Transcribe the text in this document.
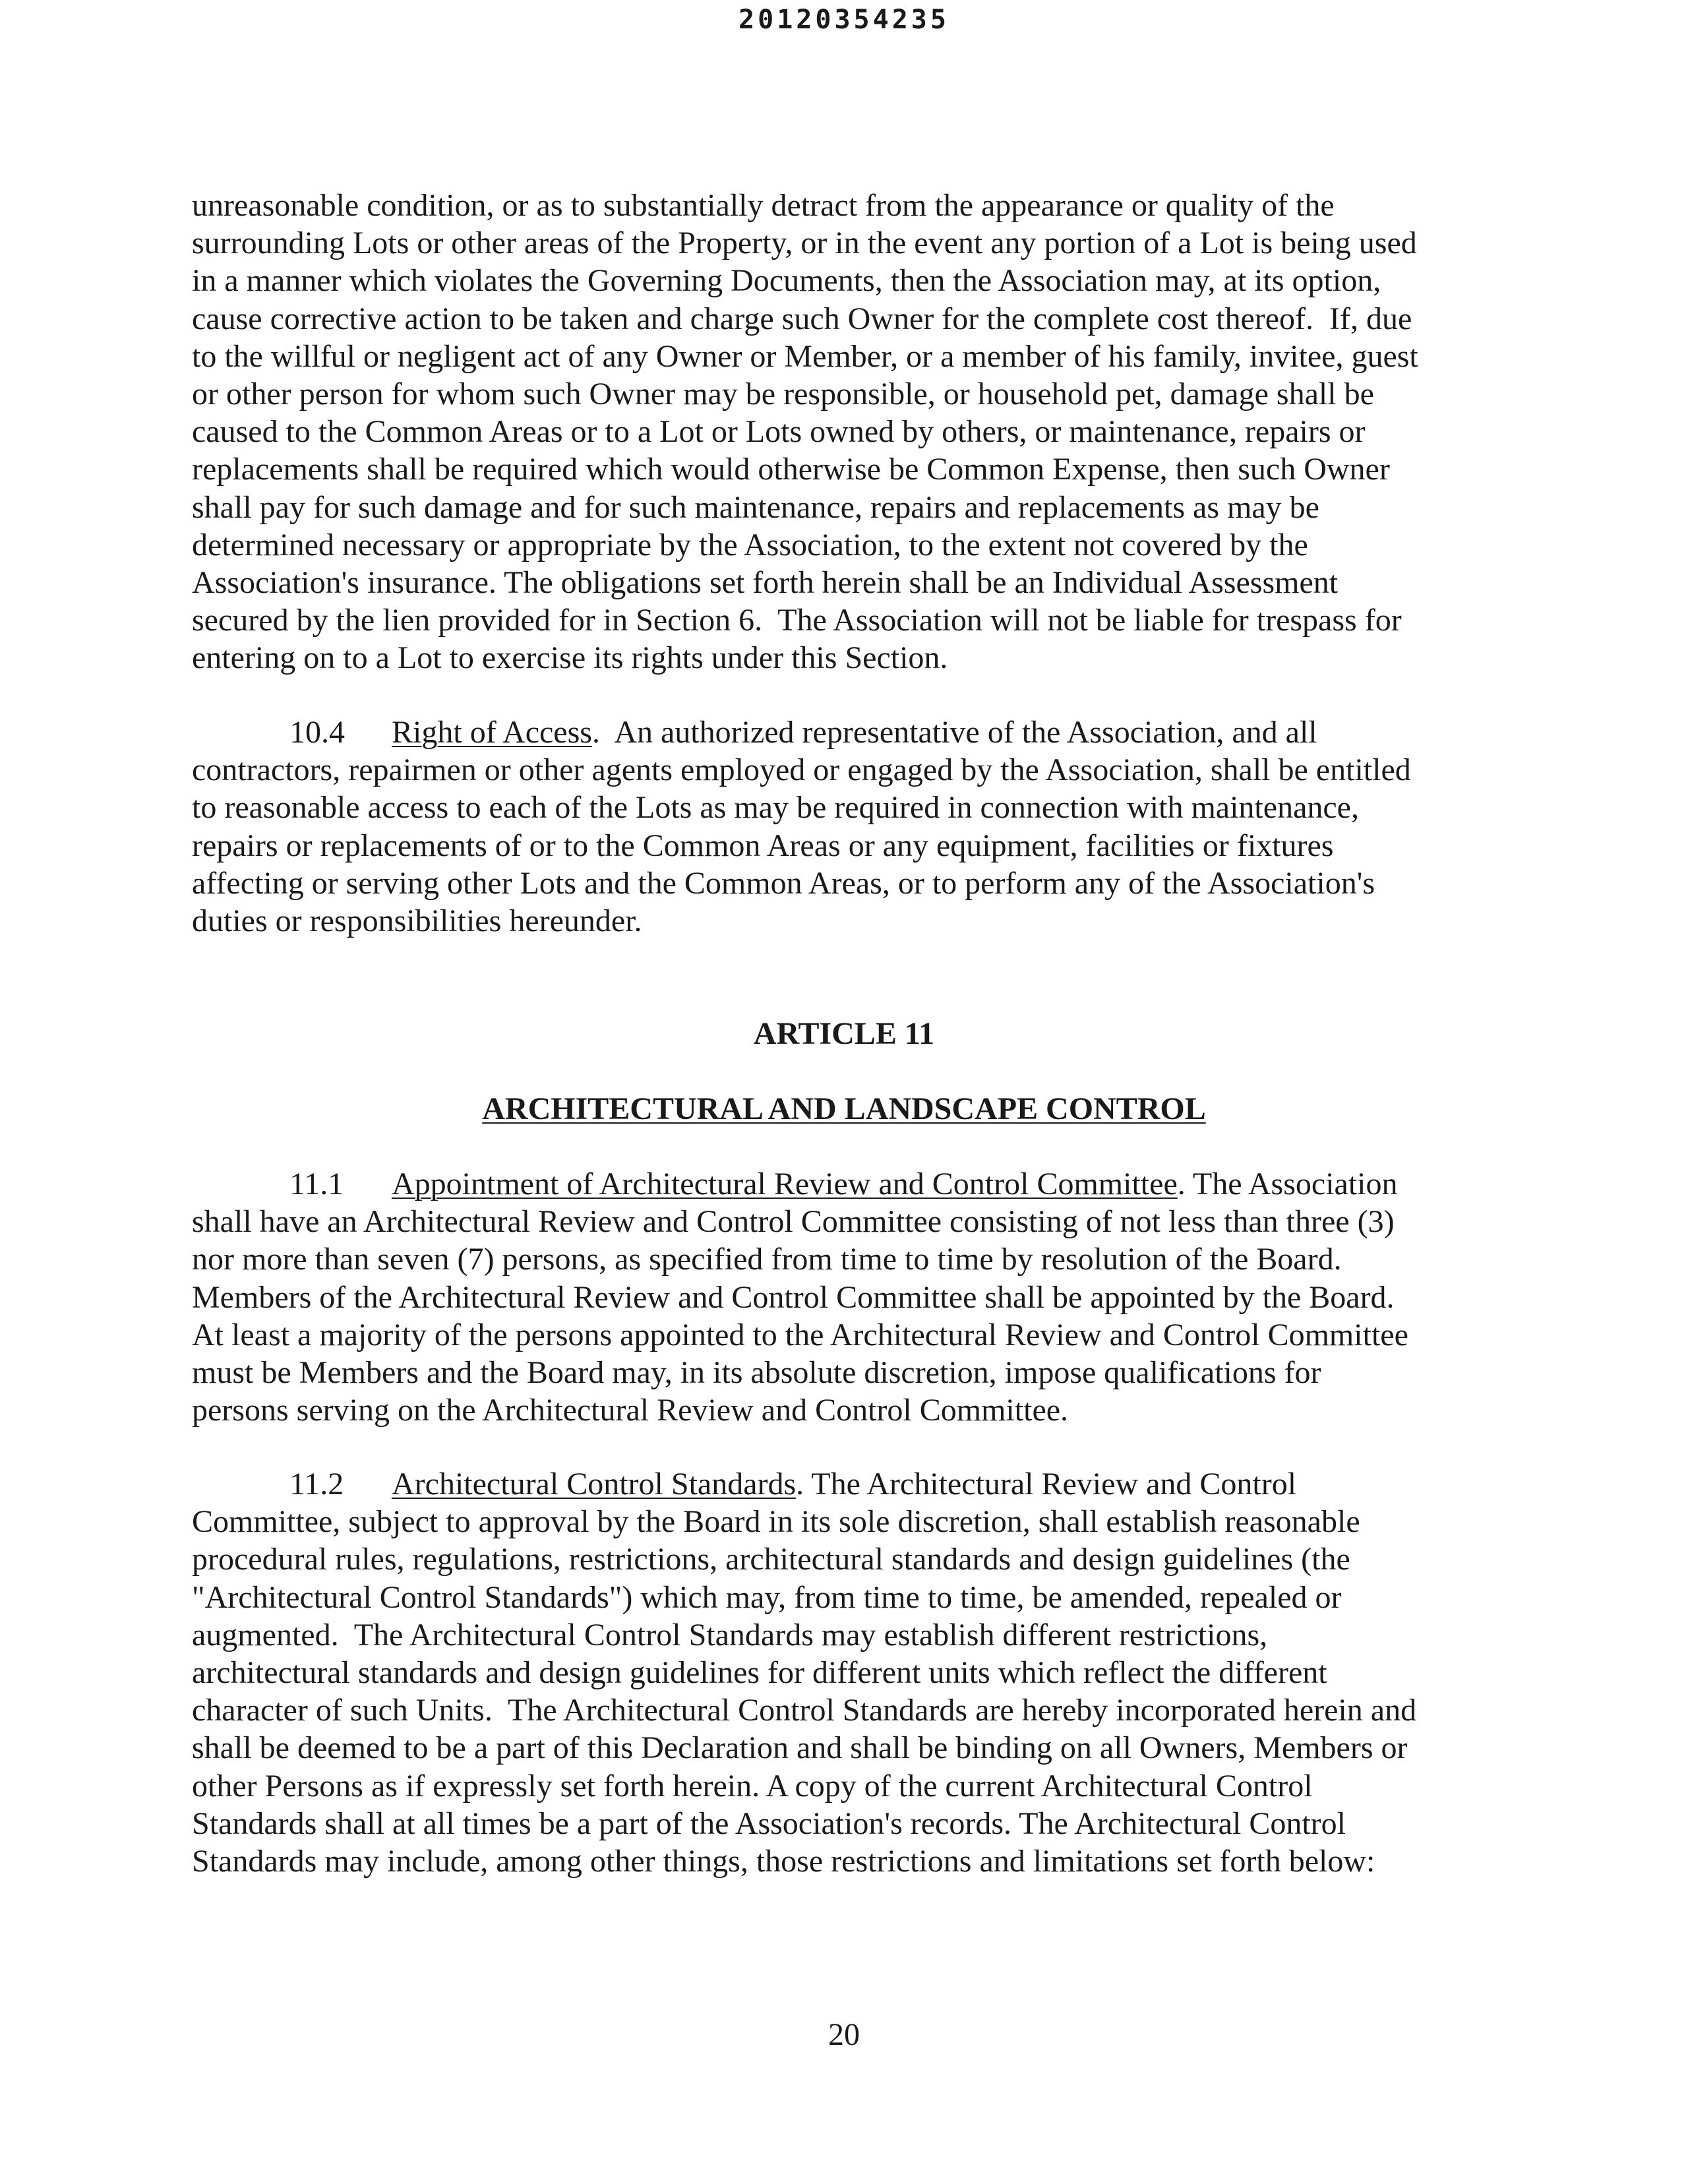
20120354235

unreasonable condition, or as to substantially detract from the appearance or quality of the
surrounding Lots or other areas of the Property, or in the event any portion of a Lot is being used
in a manner which violates the Governing Documents, then the Association may, at its option,
cause corrective action to be taken and charge such Owner for the complete cost thereof.  If, due
to the willful or negligent act of any Owner or Member, or a member of his family, invitee, guest
or other person for whom such Owner may be responsible, or household pet, damage shall be
caused to the Common Areas or to a Lot or Lots owned by others, or maintenance, repairs or
replacements shall be required which would otherwise be Common Expense, then such Owner
shall pay for such damage and for such maintenance, repairs and replacements as may be
determined necessary or appropriate by the Association, to the extent not covered by the
Association's insurance. The obligations set forth herein shall be an Individual Assessment
secured by the lien provided for in Section 6.  The Association will not be liable for trespass for
entering on to a Lot to exercise its rights under this Section.

10.4 Right of Access.  An authorized representative of the Association, and all
contractors, repairmen or other agents employed or engaged by the Association, shall be entitled
to reasonable access to each of the Lots as may be required in connection with maintenance,
repairs or replacements of or to the Common Areas or any equipment, facilities or fixtures
affecting or serving other Lots and the Common Areas, or to perform any of the Association's
duties or responsibilities hereunder.

ARTICLE 11
ARCHITECTURAL AND LANDSCAPE CONTROL

11.1 Appointment of Architectural Review and Control Committee. The Association
shall have an Architectural Review and Control Committee consisting of not less than three (3)
nor more than seven (7) persons, as specified from time to time by resolution of the Board.
Members of the Architectural Review and Control Committee shall be appointed by the Board.
At least a majority of the persons appointed to the Architectural Review and Control Committee
must be Members and the Board may, in its absolute discretion, impose qualifications for
persons serving on the Architectural Review and Control Committee.

11.2 Architectural Control Standards. The Architectural Review and Control
Committee, subject to approval by the Board in its sole discretion, shall establish reasonable
procedural rules, regulations, restrictions, architectural standards and design guidelines (the
"Architectural Control Standards") which may, from time to time, be amended, repealed or
augmented.  The Architectural Control Standards may establish different restrictions,
architectural standards and design guidelines for different units which reflect the different
character of such Units.  The Architectural Control Standards are hereby incorporated herein and
shall be deemed to be a part of this Declaration and shall be binding on all Owners, Members or
other Persons as if expressly set forth herein. A copy of the current Architectural Control
Standards shall at all times be a part of the Association's records. The Architectural Control
Standards may include, among other things, those restrictions and limitations set forth below:

20
